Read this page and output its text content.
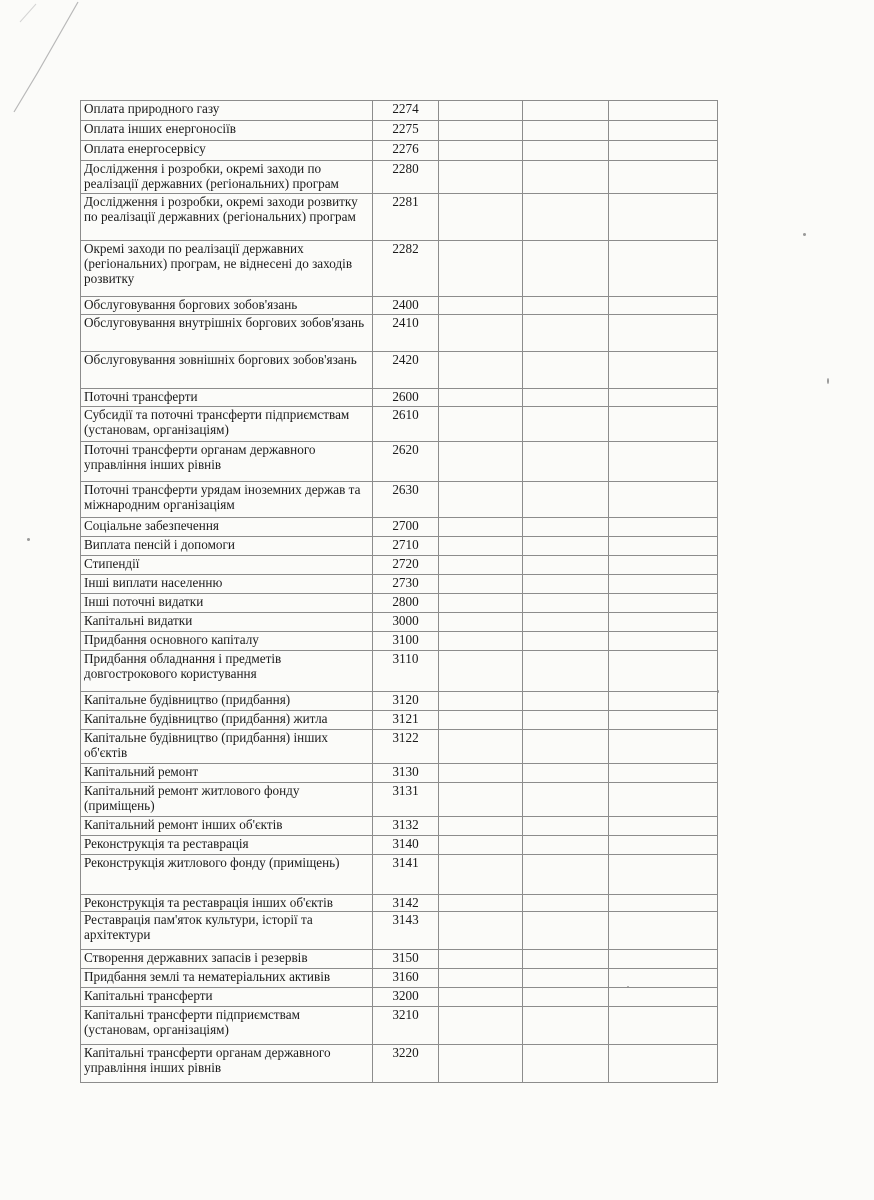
Оплата природного газу	2274			
Оплата інших енергоносіїв	2275			
Оплата енергосервісу	2276			
Дослідження і розробки, окремі заходи по реалізації державних (регіональних) програм	2280			
Дослідження і розробки, окремі заходи розвитку по реалізації державних (регіональних) програм	2281			
Окремі заходи по реалізації державних (регіональних) програм, не віднесені до заходів розвитку	2282			
Обслуговування боргових зобов'язань	2400			
Обслуговування внутрішніх боргових зобов'язань	2410			
Обслуговування зовнішніх боргових зобов'язань	2420			
Поточні трансферти	2600			
Субсидії та поточні трансферти підприємствам (установам, організаціям)	2610			
Поточні трансферти органам державного управління інших рівнів	2620			
Поточні трансферти урядам іноземних держав та міжнародним організаціям	2630			
Соціальне забезпечення	2700			
Виплата пенсій і допомоги	2710			
Стипендії	2720			
Інші виплати населенню	2730			
Інші поточні видатки	2800			
Капітальні видатки	3000			
Придбання основного капіталу	3100			
Придбання обладнання і предметів довгострокового користування	3110			
Капітальне будівництво (придбання)	3120			
Капітальне будівництво (придбання) житла	3121			
Капітальне будівництво (придбання) інших об'єктів	3122			
Капітальний ремонт	3130			
Капітальний ремонт житлового фонду (приміщень)	3131			
Капітальний ремонт інших об'єктів	3132			
Реконструкція та реставрація	3140			
Реконструкція житлового фонду (приміщень)	3141			
Реконструкція та реставрація інших об'єктів	3142			
Реставрація пам'яток культури, історії та архітектури	3143			
Створення державних запасів і резервів	3150			
Придбання землі та нематеріальних активів	3160			
Капітальні трансферти	3200			
Капітальні трансферти підприємствам (установам, організаціям)	3210			
Капітальні трансферти органам державного управління інших рівнів	3220			
